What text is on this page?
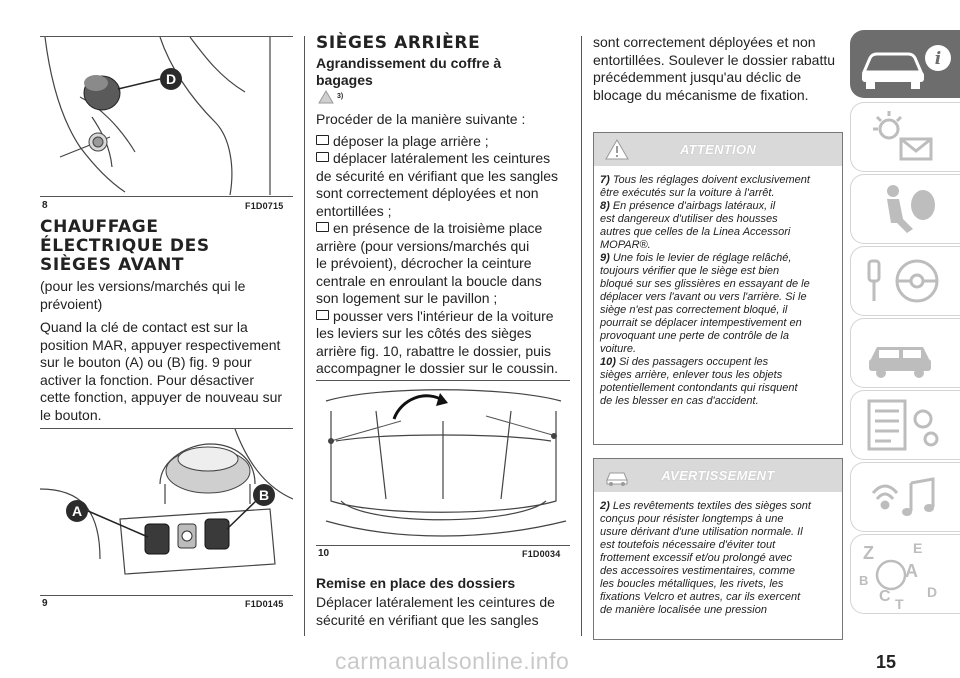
D
8	F1D0715
CHAUFFAGE
ÉLECTRIQUE DES
SIÈGES AVANT
(pour les versions/marchés qui le
prévoient)
Quand la clé de contact est sur la
position MAR, appuyer respectivement
sur le bouton (A) ou (B) fig. 9 pour
activer la fonction. Pour désactiver
cette fonction, appuyer de nouveau sur
le bouton.
A
B
9	F1D0145
SIÈGES ARRIÈRE
Agrandissement du coffre à
bagages
3)
Procéder de la manière suivante :
déposer la plage arrière ;
déplacer latéralement les ceintures
de sécurité en vérifiant que les sangles
sont correctement déployées et non
entortillées ;
en présence de la troisième place
arrière (pour versions/marchés qui
le prévoient), décrocher la ceinture
centrale en enroulant la boucle dans
son logement sur le pavillon ;
pousser vers l'intérieur de la voiture
les leviers sur les côtés des sièges
arrière fig. 10, rabattre le dossier, puis
accompagner le dossier sur le coussin.
10	F1D0034
Remise en place des dossiers
Déplacer latéralement les ceintures de
sécurité en vérifiant que les sangles
sont correctement déployées et non
entortillées. Soulever le dossier rabattu
précédemment jusqu'au déclic de
blocage du mécanisme de fixation.
ATTENTION
7) Tous les réglages doivent exclusivement
être exécutés sur la voiture à l'arrêt.
8) En présence d'airbags latéraux, il
est dangereux d'utiliser des housses
autres que celles de la Linea Accessori
MOPAR®.
9) Une fois le levier de réglage relâché,
toujours vérifier que le siège est bien
bloqué sur ses glissières en essayant de le
déplacer vers l'avant ou vers l'arrière. Si le
siège n'est pas correctement bloqué, il
pourrait se déplacer intempestivement en
provoquant une perte de contrôle de la
voiture.
10) Si des passagers occupent les
sièges arrière, enlever tous les objets
potentiellement contondants qui risquent
de les blesser en cas d'accident.
AVERTISSEMENT
2) Les revêtements textiles des sièges sont
conçus pour résister longtemps à une
usure dérivant d'une utilisation normale. Il
est toutefois nécessaire d'éviter tout
frottement excessif et/ou prolongé avec
des accessoires vestimentaires, comme
les boucles métalliques, les rivets, les
fixations Velcro et autres, car ils exercent
de manière localisée une pression
i
Z	E
A
B
C T
D
carmanualsonline.info	15
